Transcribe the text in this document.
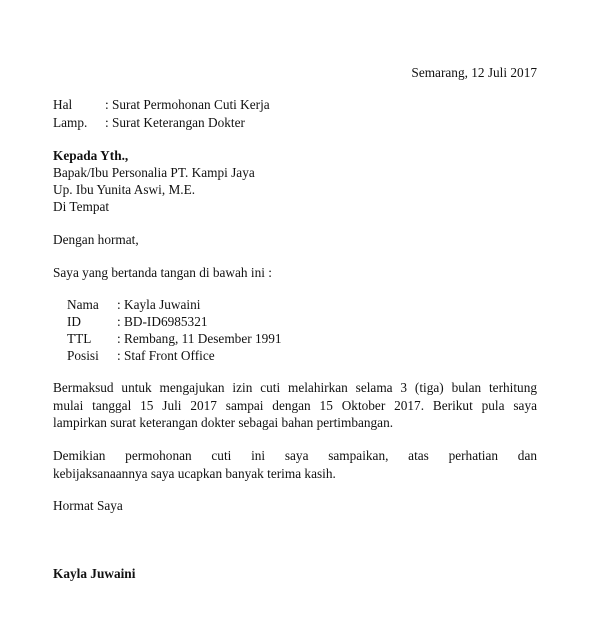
Semarang, 12 Juli 2017
Hal : Surat Permohonan Cuti Kerja
Lamp. : Surat Keterangan Dokter
Kepada Yth.,
Bapak/Ibu Personalia PT. Kampi Jaya
Up. Ibu Yunita Aswi, M.E.
Di Tempat
Dengan hormat,
Saya yang bertanda tangan di bawah ini :
Nama : Kayla Juwaini
ID	: BD-ID6985321
TTL : Rembang, 11 Desember 1991
Posisi : Staf Front Office
Bermaksud untuk mengajukan izin cuti melahirkan selama 3 (tiga) bulan terhitung
mulai tanggal 15 Juli 2017 sampai dengan 15 Oktober 2017. Berikut pula saya
lampirkan surat keterangan dokter sebagai bahan pertimbangan.
Demikian permohonan cuti ini saya sampaikan, atas perhatian dan
kebijaksanaannya saya ucapkan banyak terima kasih.
Hormat Saya
Kayla Juwaini
